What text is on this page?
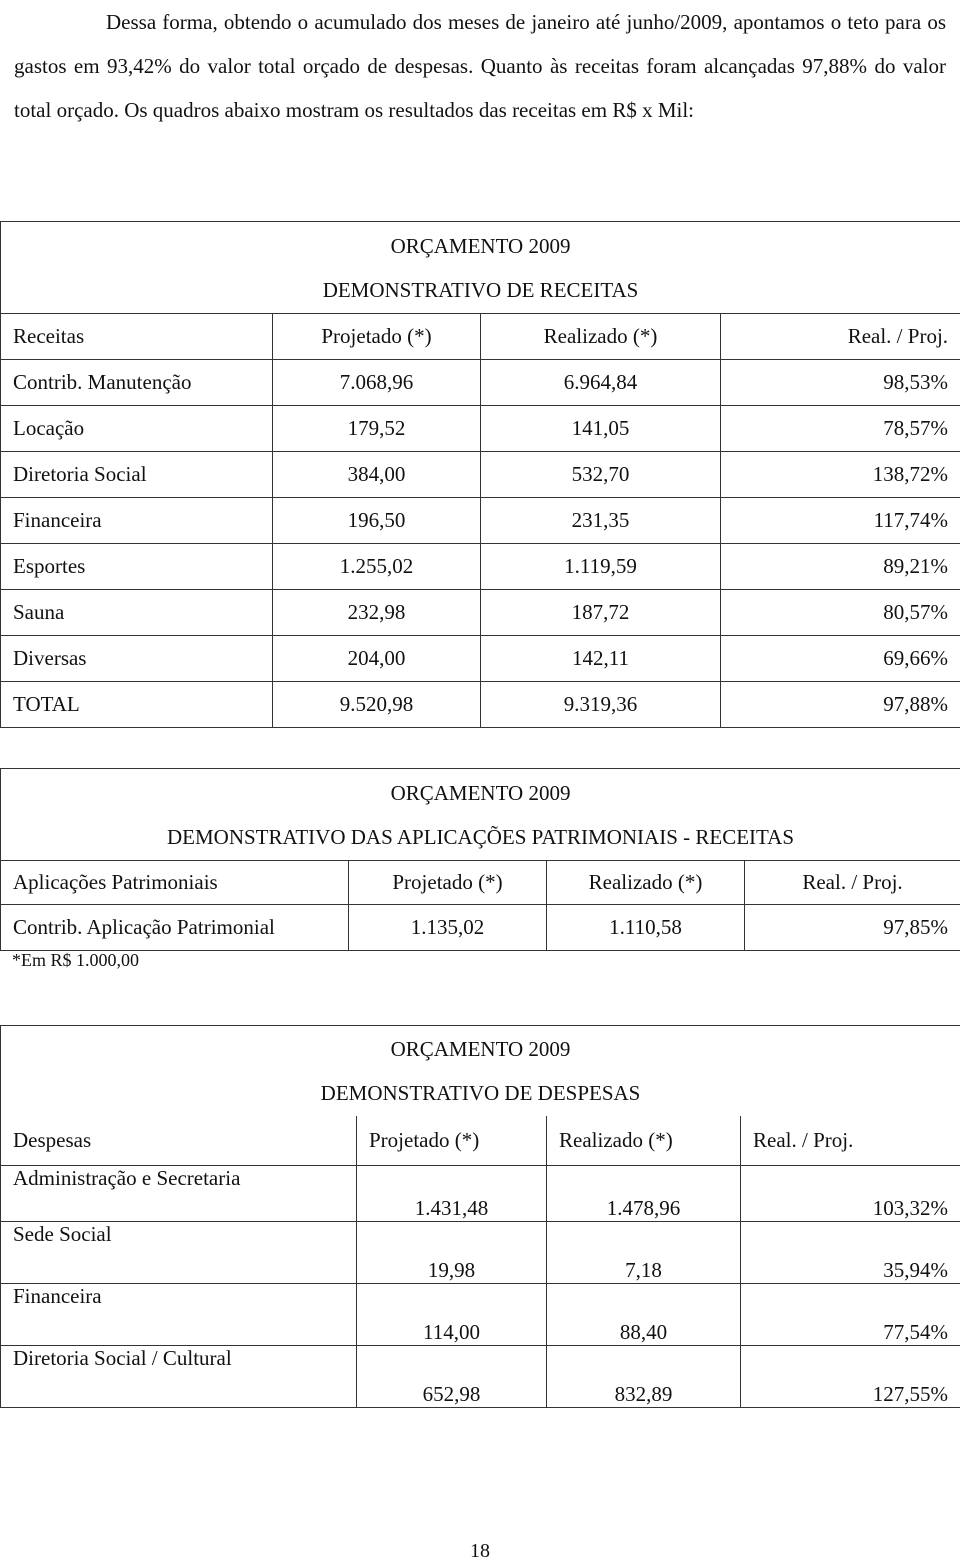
Dessa forma, obtendo o acumulado dos meses de janeiro até junho/2009, apontamos o teto para os gastos em 93,42% do valor total orçado de despesas. Quanto às receitas foram alcançadas 97,88% do valor total orçado. Os quadros abaixo mostram os resultados das receitas em R$ x Mil:

ORÇAMENTO 2009
DEMONSTRATIVO DE RECEITAS			

Receitas	Projetado (*)	Realizado (*)	Real. / Proj.
Contrib. Manutenção	7.068,96	6.964,84	98,53%
Locação	179,52	141,05	78,57%
Diretoria Social	384,00	532,70	138,72%
Financeira	196,50	231,35	117,74%
Esportes	1.255,02	1.119,59	89,21%
Sauna	232,98	187,72	80,57%
Diversas	204,00	142,11	69,66%
TOTAL	9.520,98	9.319,36	97,88%
ORÇAMENTO 2009
DEMONSTRATIVO DAS APLICAÇÕES PATRIMONIAIS - RECEITAS			

Aplicações Patrimoniais	Projetado (*)	Realizado (*)	Real. / Proj.
Contrib. Aplicação Patrimonial	1.135,02	1.110,58	97,85%
*Em R$ 1.000,00
ORÇAMENTO 2009
DEMONSTRATIVO DE DESPESAS			

Despesas	Projetado (*)	Realizado (*)	Real. / Proj.
Administração e Secretaria	1.431,48	1.478,96	103,32%
Sede Social	19,98	7,18	35,94%
Financeira	114,00	88,40	77,54%
Diretoria Social / Cultural	652,98	832,89	127,55%
18
